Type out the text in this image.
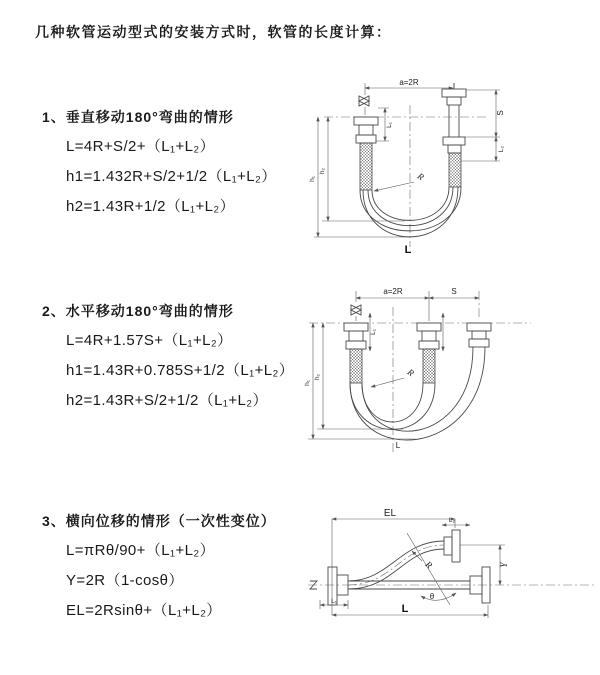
几种软管运动型式的安装方式时，软管的长度计算：
1、垂直移动180°弯曲的情形
L=4R+S/2+（L₁+L₂）
h1=1.432R+S/2+1/2（L₁+L₂）
h2=1.43R+1/2（L₁+L₂）
2、水平移动180°弯曲的情形
L=4R+1.57S+（L₁+L₂）
h1=1.43R+0.785S+1/2（L₁+L₂）
h2=1.43R+S/2+1/2（L₁+L₂）
3、横向位移的情形（一次性变位）
L=πRθ/90+（L₁+L₂）
Y=2R（1-cosθ）
EL=2Rsinθ+（L₁+L₂）
a=2R
L₁
S
L₂
h₁
h₂	R
L
a=2R	S
L₁
h₁
h₂	R
L
θ
EL
L₂
Y
L
L₁
R
